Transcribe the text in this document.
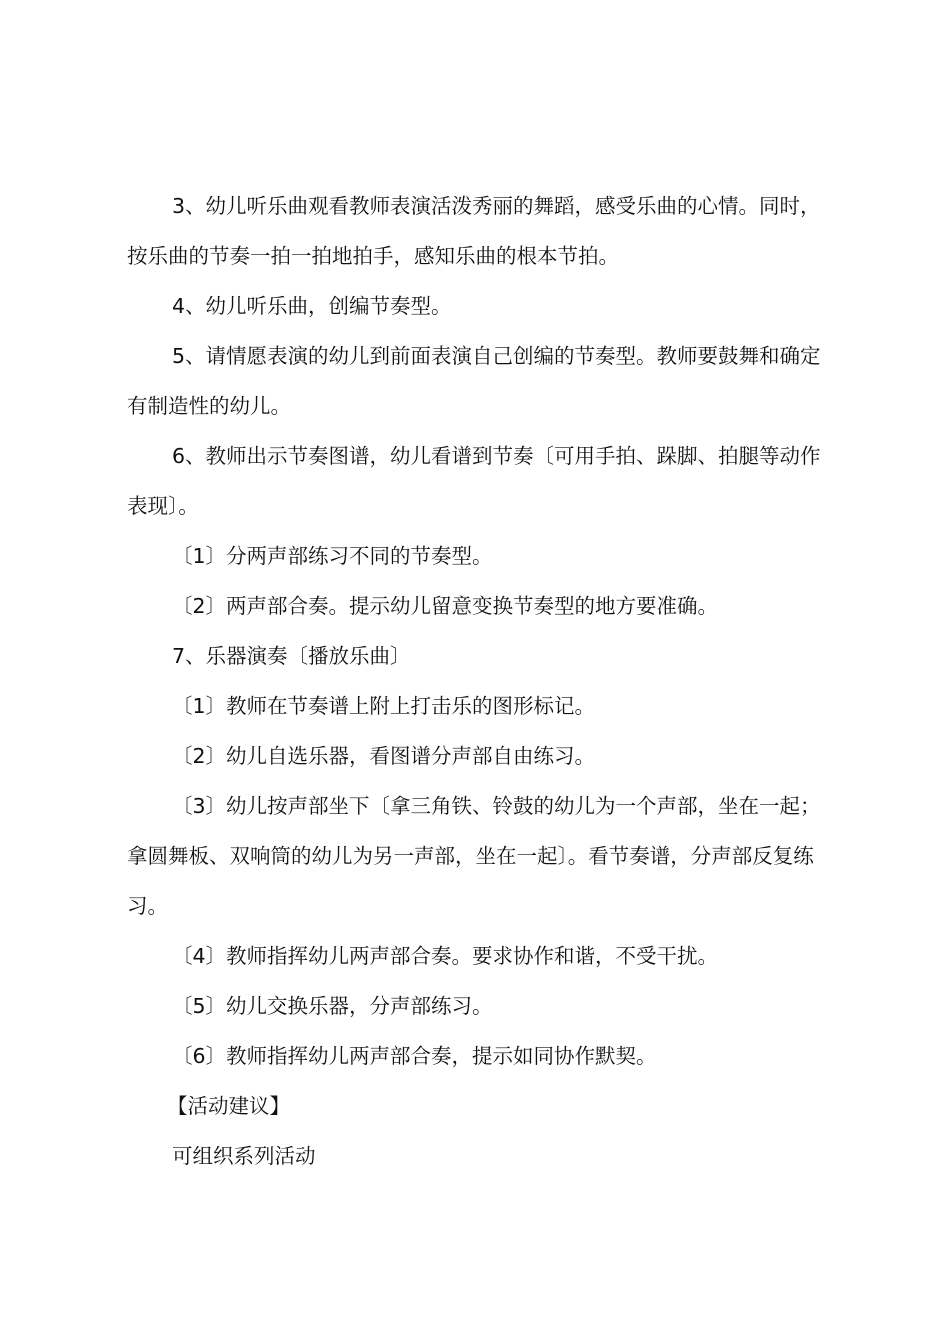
3、幼儿听乐曲观看教师表演活泼秀丽的舞蹈，感受乐曲的心情。同时，按乐曲的节奏一拍一拍地拍手，感知乐曲的根本节拍。

4、幼儿听乐曲，创编节奏型。

5、请情愿表演的幼儿到前面表演自己创编的节奏型。教师要鼓舞和确定有制造性的幼儿。

6、教师出示节奏图谱，幼儿看谱到节奏〔可用手拍、跺脚、拍腿等动作表现〕。

〔1〕分两声部练习不同的节奏型。

〔2〕两声部合奏。提示幼儿留意变换节奏型的地方要准确。

7、乐器演奏〔播放乐曲〕

〔1〕教师在节奏谱上附上打击乐的图形标记。

〔2〕幼儿自选乐器，看图谱分声部自由练习。

〔3〕幼儿按声部坐下〔拿三角铁、铃鼓的幼儿为一个声部，坐在一起；拿圆舞板、双响筒的幼儿为另一声部，坐在一起〕。看节奏谱，分声部反复练习。

〔4〕教师指挥幼儿两声部合奏。要求协作和谐，不受干扰。

〔5〕幼儿交换乐器，分声部练习。

〔6〕教师指挥幼儿两声部合奏，提示如同协作默契。

【活动建议】

可组织系列活动
